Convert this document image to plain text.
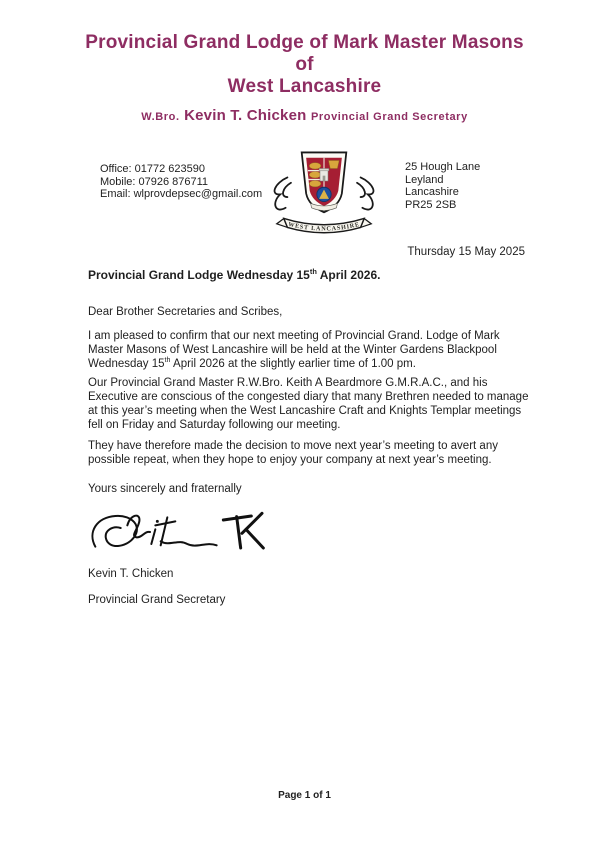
Provincial Grand Lodge of Mark Master Masons
of
West Lancashire
W.Bro. Kevin T. Chicken Provincial Grand Secretary
Office: 01772 623590
Mobile: 07926 876711
Email: wlprovdepsec@gmail.com
WEST LANCASHIRE
25 Hough Lane
Leyland
Lancashire
PR25 2SB
Thursday 15 May 2025
Provincial Grand Lodge Wednesday 15th April 2026.
Dear Brother Secretaries and Scribes,
I am pleased to confirm that our next meeting of Provincial Grand. Lodge of Mark Master Masons of West Lancashire will be held at the Winter Gardens Blackpool Wednesday 15th April 2026 at the slightly earlier time of 1.00 pm.
Our Provincial Grand Master R.W.Bro. Keith A Beardmore G.M.R.A.C., and his Executive are conscious of the congested diary that many Brethren needed to manage at this year’s meeting when the West Lancashire Craft and Knights Templar meetings fell on Friday and Saturday following our meeting.
They have therefore made the decision to move next year’s meeting to avert any possible repeat, when they hope to enjoy your company at next year’s meeting.
Yours sincerely and fraternally
Kevin T. Chicken
Provincial Grand Secretary
Page 1 of 1
